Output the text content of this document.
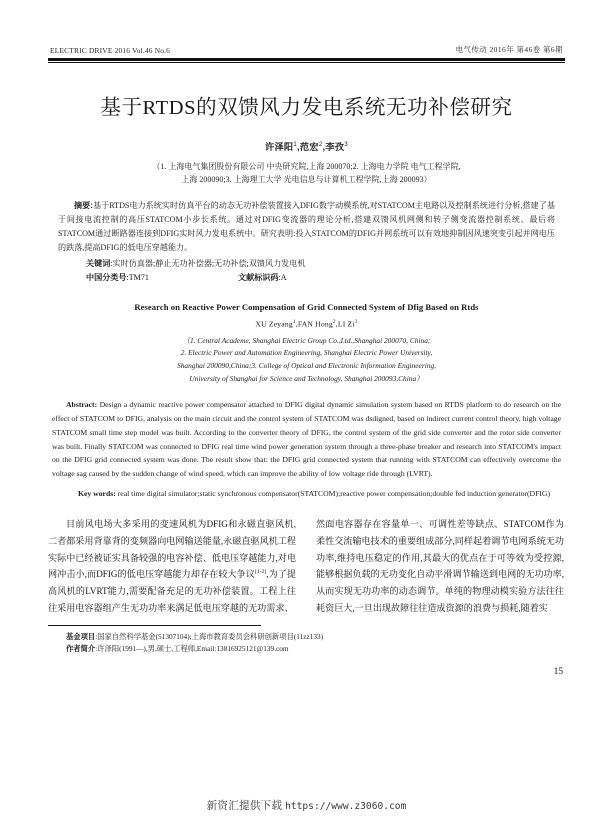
ELECTRIC DRIVE 2016 Vol.46 No.6	电气传动 2016年 第46卷 第6期
基于RTDS的双馈风力发电系统无功补偿研究
许泽阳$^1$,范宏$^2$,李孜$^3$
（1. 上海电气集团股份有限公司 中央研究院,上海 200070;2. 上海电力学院 电气工程学院,
上海 200090;3. 上海理工大学 光电信息与计算机工程学院,上海 200093）
摘要:基于RTDS电力系统实时仿真平台的动态无功补偿装置接入DFIG数字动模系统,对STATCOM主电路以及控制系统进行分析,搭建了基于间接电流控制的高压STATCOM小步长系统。通过对DFIG变流器的理论分析,搭建双馈风机网侧和转子侧变流器控制系统。最后将STATCOM通过断路器连接到DFIG实时风力发电系统中。研究表明:投入STATCOM的DFIG并网系统可以有效地抑制因风速突变引起并网电压的跌落,提高DFIG的低电压穿越能力。
关键词:实时仿真器;静止无功补偿器;无功补偿;双馈风力发电机
中国分类号:TM71	文献标识码:A
Research on Reactive Power Compensation of Grid Connected System of Dfig Based on Rtds
XU Zeyang$^1$,FAN Hong$^2$,LI Zi$^3$
（1. Central Academe, Shanghai Electric Group Co.,Ltd.,Shanghai 200070, China;
2. Electric Power and Automation Engineering, Shanghai Electric Power University,
Shanghai 200090,China;3. College of Optical and Electronic Information Engineering,
University of Shanghai for Science and Technology, Shanghai 200093,China）
Abstract: Design a dynamic reactive power compensator attached to DFIG digital dynamic simulation system based on RTDS platform to do research on the effect of STATCOM to DFIG, analysis on the main circuit and the control system of STATCOM was dsdigned, based on indirect current control theory, high voltage STATCOM small time step model was built. According to the converter theory of DFIG, the control system of the grid side converter and the rotor side converter was built. Finally STATCOM was connected to DFIG real time wind power generation system through a three-phase breaker and research into STATCOM's impact on the DFIG grid connected system was done. The result show that: the DFIG grid connected system that running with STATCOM can effectively overcome the voltage sag caused by the sudden change of wind speed, which can improve the ability of low voltage ride through (LVRT).
Key words: real time digital simulator;static synchronous compensator(STATCOM);reactive power compensation;double fed induction generator(DFIG)

目前风电场大多采用的变速风机为DFIG和永磁直驱风机,二者都采用背靠背的变频器向电网输送能量,永磁直驱风机工程实际中已经被证实具备较强的电容补偿、低电压穿越能力,对电网冲击小,而DFIG的低电压穿越能力却存在较大争议[1-2],为了提高风机的LVRT能力,需要配备充足的无功补偿装置。工程上往往采用电容器组产生无功功率来满足低电压穿越的无功需求、

然面电容器存在容量单一、可调性差等缺点、STATCOM作为柔性交流输电技术的重要组成部分,同样起着调节电网系统无功功率,维持电压稳定的作用,其最大的优点在于可等效为受控源,能够根据负载的无功变化自动平滑调节输送到电网的无功功率,从而实现无功功率的动态调节。单纯的物理动模实验方法往往耗资巨大,一旦出现故障往往造成资源的浪费与损耗,随着实

基金项目:国家自然科学基金(51307104);上海市教育委员会科研创新项目(11zz133)
作者简介:许泽阳(1991—),男,硕士,工程师,Email:13816925121@139.com
15
新资汇提供下载 https://www.z3060.com
